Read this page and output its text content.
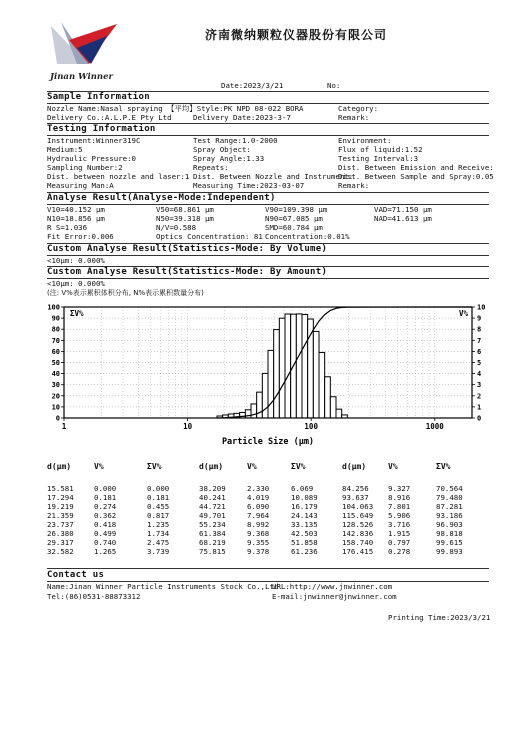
Jinan Winner
济南微纳颗粒仪器股份有限公司
Date:2023/3/21	No:
Sample Information
Nozzle Name:Nasal spraying 【平均】Style:PK NPD 08-022 BORA	Category:
Delivery Co.:A.L.P.E Pty Ltd	Delivery Date:2023-3-7	Remark:
Testing Information
Instrument:Winner319C	Test Range:1.0-2000	Environment:
Medium:5	Spray Object:	Flux of liquid:1.52
Hydraulic Pressure:0	Spray Angle:1.33	Testing Interval:3
Sampling Number:2	Repeats:	Dist. Between Emission and Receive:
Dist. between nozzle and laser:1 Dist. Between Nozzle and Instrument:
Dist. Between Sample and Spray:0.05
Measuring Man:A	Measuring Time:2023-03-07	Remark:
Analyse Result(Analyse-Mode:Independent)
V10=40.152 μm	V50=68.861 μm	V90=109.398 μm	VAD=71.150 μm
N10=18.856 μm	N50=39.318 μm	N90=67.085 μm	NAD=41.613 μm
R S=1.036	N/V=0.588	SMD=60.784 μm
Fit Error:0.006	Optics Concentration: 81 Concentration:0.01%
Custom Analyse Result(Statistics-Mode: By Volume)
<10μm: 0.000%
Custom Analyse Result(Statistics-Mode: By Amount)
<10μm: 0.000%
(注: V%表示累积体积分布, N%表示累积数量分布)
0
10
20
30
40
50
60
70
80
90
100
0
1
2
3
4
5
6
7
8
9
10
1	10	100	1000
ΣV%	V%
Particle Size (μm)
d(μm)	V%	ΣV%	d(μm)	V%	ΣV%	d(μm)	V%	ΣV%
15.581	0.000	0.000	38.209	2.330	6.069	84.256	9.327	70.564
17.294	0.181	0.181	40.241	4.019	10.089	93.637	8.916	79.480
19.219	0.274	0.455	44.721	6.090	16.179	104.063 7.801	87.281
21.359	0.362	0.817	49.701	7.964	24.143	115.649 5.906	93.186
23.737	0.418	1.235	55.234	8.992	33.135	128.526 3.716	96.903
26.380	0.499	1.734	61.384	9.368	42.503	142.836 1.915	98.818
29.317	0.740	2.475	68.219	9.355	51.858	158.740 0.797	99.615
32.582	1.265	3.739	75.815	9.378	61.236	176.415 0.278	99.893
Contact us
Name:Jinan Winner Particle Instruments Stock Co.,Ltd
URL:http://www.jnwinner.com
Tel:(86)0531-88873312	E-mail:jnwinner@jnwinner.com
Printing Time:2023/3/21
